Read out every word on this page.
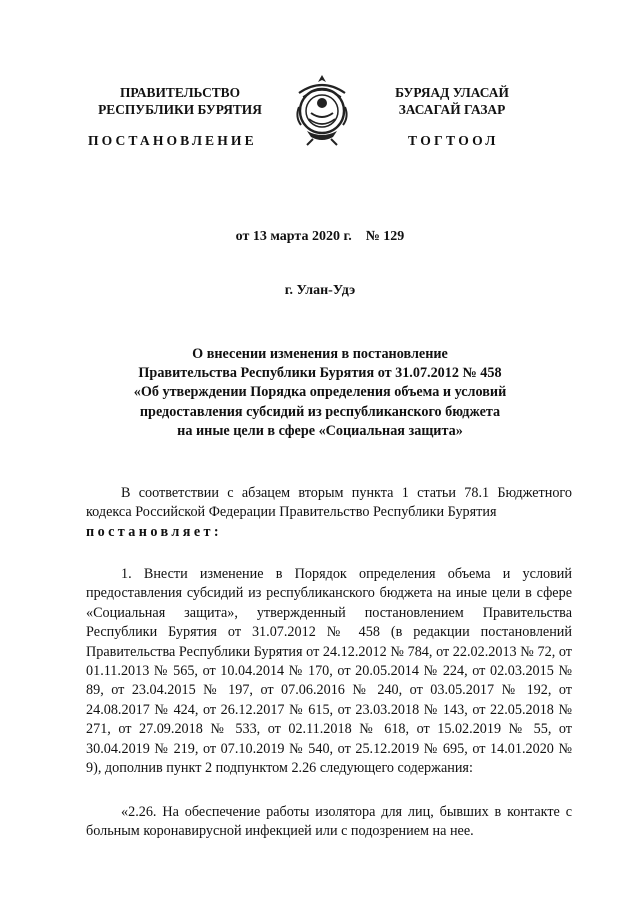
ПРАВИТЕЛЬСТВО
РЕСПУБЛИКИ БУРЯТИЯ
ПОСТАНОВЛЕНИЕ
БУРЯАД УЛАСАЙ
ЗАСАГАЙ ГАЗАР
ТОГТООЛ
от 13 марта 2020 г.    № 129
г. Улан-Удэ
О внесении изменения в постановление
Правительства Республики Бурятия от 31.07.2012 № 458
«Об утверждении Порядка определения объема и условий
предоставления субсидий из республиканского бюджета
на иные цели в сфере «Социальная защита»
В соответствии с абзацем вторым пункта 1 статьи 78.1 Бюджетного кодекса Российской Федерации Правительство Республики Бурятия
постановляет:
1. Внести изменение в Порядок определения объема и условий предоставления субсидий из республиканского бюджета на иные цели в сфере «Социальная защита», утвержденный постановлением Правительства Республики Бурятия от 31.07.2012 № 458 (в редакции постановлений Правительства Республики Бурятия от 24.12.2012 № 784, от 22.02.2013 № 72, от 01.11.2013 № 565, от 10.04.2014 № 170, от 20.05.2014 № 224, от 02.03.2015 № 89, от 23.04.2015 № 197, от 07.06.2016 № 240, от 03.05.2017 № 192, от 24.08.2017 № 424, от 26.12.2017 № 615, от 23.03.2018 № 143, от 22.05.2018 № 271, от 27.09.2018 № 533, от 02.11.2018 № 618, от 15.02.2019 № 55, от 30.04.2019 № 219, от 07.10.2019 № 540, от 25.12.2019 № 695, от 14.01.2020 № 9), дополнив пункт 2 подпунктом 2.26 следующего содержания:
«2.26. На обеспечение работы изолятора для лиц, бывших в контакте с больным коронавирусной инфекцией или с подозрением на нее.
